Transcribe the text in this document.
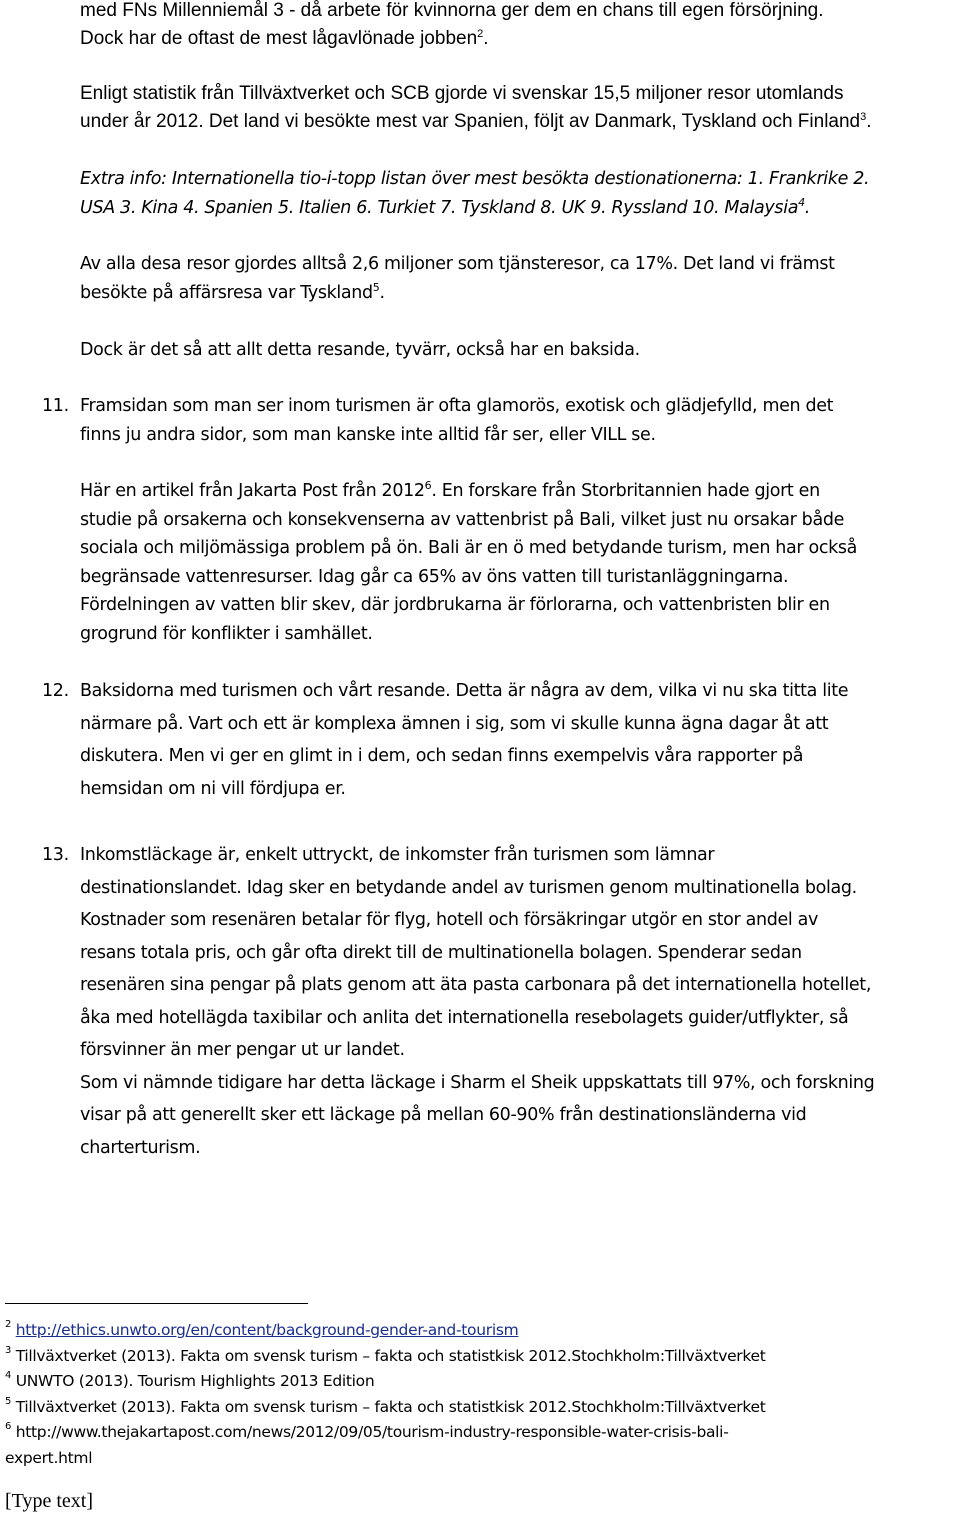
med FNs Millenniemål 3 - då arbete för kvinnorna ger dem en chans till egen försörjning.
Dock har de oftast de mest lågavlönade jobben$^2$.
Enligt statistik från Tillväxtverket och SCB gjorde vi svenskar 15,5 miljoner resor utomlands
under år 2012. Det land vi besökte mest var Spanien, följt av Danmark, Tyskland och Finland$^3$.
Extra info: Internationella tio-i-topp listan över mest besökta destionationerna: 1. Frankrike 2.
USA 3. Kina 4. Spanien 5. Italien 6. Turkiet 7. Tyskland 8. UK 9. Ryssland 10. Malaysia$^4$.
Av alla desa resor gjordes alltså 2,6 miljoner som tjänsteresor, ca 17%. Det land vi främst
besökte på affärsresa var Tyskland$^5$.
Dock är det så att allt detta resande, tyvärr, också har en baksida.
11. Framsidan som man ser inom turismen är ofta glamorös, exotisk och glädjefylld, men det
finns ju andra sidor, som man kanske inte alltid får ser, eller VILL se.
Här en artikel från Jakarta Post från 2012$^6$. En forskare från Storbritannien hade gjort en
studie på orsakerna och konsekvenserna av vattenbrist på Bali, vilket just nu orsakar både
sociala och miljömässiga problem på ön. Bali är en ö med betydande turism, men har också
begränsade vattenresurser. Idag går ca 65% av öns vatten till turistanläggningarna.
Fördelningen av vatten blir skev, där jordbrukarna är förlorarna, och vattenbristen blir en
grogrund för konflikter i samhället.
12. Baksidorna med turismen och vårt resande. Detta är några av dem, vilka vi nu ska titta lite
närmare på. Vart och ett är komplexa ämnen i sig, som vi skulle kunna ägna dagar åt att
diskutera. Men vi ger en glimt in i dem, och sedan finns exempelvis våra rapporter på
hemsidan om ni vill fördjupa er.
13. Inkomstläckage är, enkelt uttryckt, de inkomster från turismen som lämnar
destinationslandet. Idag sker en betydande andel av turismen genom multinationella bolag.
Kostnader som resenären betalar för flyg, hotell och försäkringar utgör en stor andel av
resans totala pris, och går ofta direkt till de multinationella bolagen. Spenderar sedan
resenären sina pengar på plats genom att äta pasta carbonara på det internationella hotellet,
åka med hotellägda taxibilar och anlita det internationella resebolagets guider/utflykter, så
försvinner än mer pengar ut ur landet.
Som vi nämnde tidigare har detta läckage i Sharm el Sheik uppskattats till 97%, och forskning
visar på att generellt sker ett läckage på mellan 60-90% från destinationsländerna vid
charterturism.
$^2$ http://ethics.unwto.org/en/content/background-gender-and-tourism
$^3$ Tillväxtverket (2013). Fakta om svensk turism – fakta och statistkisk 2012.Stochkholm:Tillväxtverket
$^4$ UNWTO (2013). Tourism Highlights 2013 Edition
$^5$ Tillväxtverket (2013). Fakta om svensk turism – fakta och statistkisk 2012.Stochkholm:Tillväxtverket
$^6$ http://www.thejakartapost.com/news/2012/09/05/tourism-industry-responsible-water-crisis-bali-
expert.html
[Type text]
